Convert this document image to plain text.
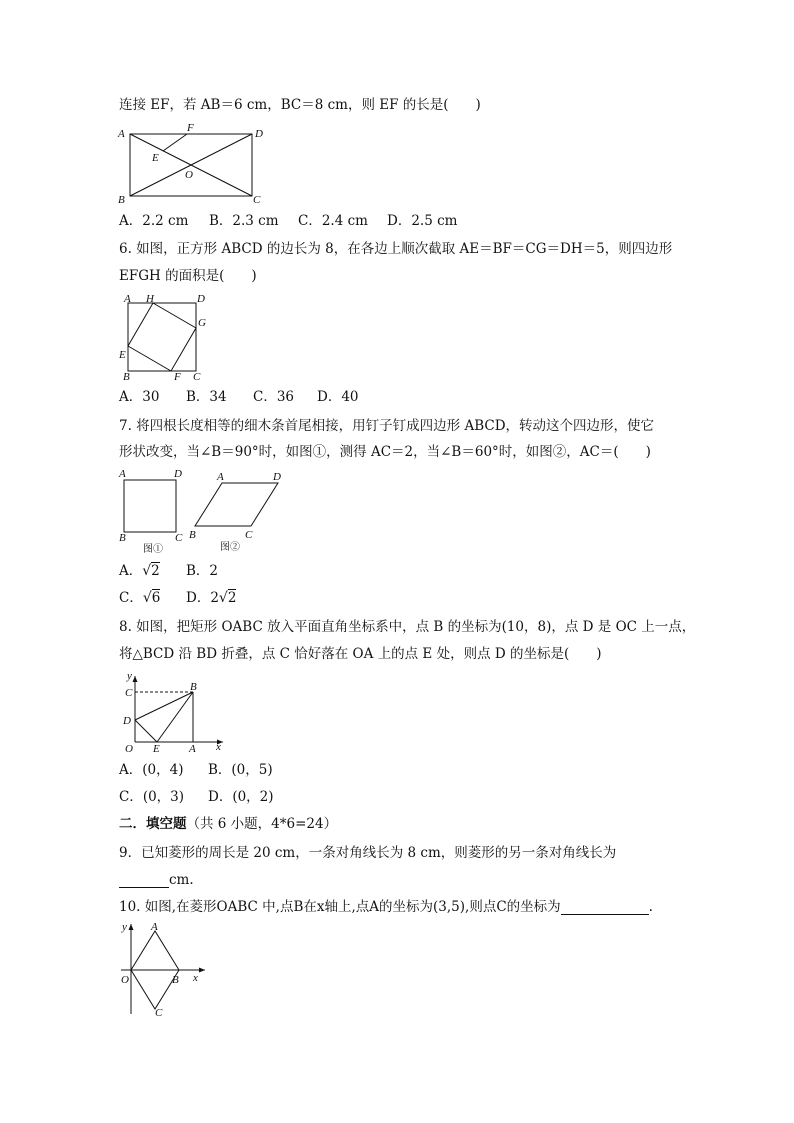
连接 EF，若 AB＝6 cm，BC＝8 cm，则 EF 的长是(　　)
A	F	D
E
O
B	C
A．2.2 cm B．2.3 cm C．2.4 cm D．2.5 cm
6. 如图，正方形 ABCD 的边长为 8，在各边上顺次截取 AE＝BF＝CG＝DH＝5，则四边形
EFGH 的面积是(　　)
A H	D
G
E
B	F C
A．30 B．34 C．36 D．40
7. 将四根长度相等的细木条首尾相接，用钉子钉成四边形 ABCD，转动这个四边形，使它
形状改变，当∠B＝90°时，如图①，测得 AC＝2，当∠B＝60°时，如图②，AC＝(　　)
A	D
B	C
图①
A	D
B	C
图②
A．√2 B．2
C．√6 D．2√2
8. 如图，把矩形 OABC 放入平面直角坐标系中，点 B 的坐标为(10，8)，点 D 是 OC 上一点，
将△BCD 沿 BD 折叠，点 C 恰好落在 OA 上的点 E 处，则点 D 的坐标是(　　)
y
C	B
D
O E	A x
A．(0，4) B．(0，5)
C．(0，3) D．(0，2)
二．填空题（共 6 小题，4*6=24）
9．已知菱形的周长是 20 cm，一条对角线长为 8 cm，则菱形的另一条对角线长为
cm.
10. 如图,在菱形OABC 中,点B在x轴上,点A的坐标为(3,5),则点C的坐标为	.
y A
O	B x
C
